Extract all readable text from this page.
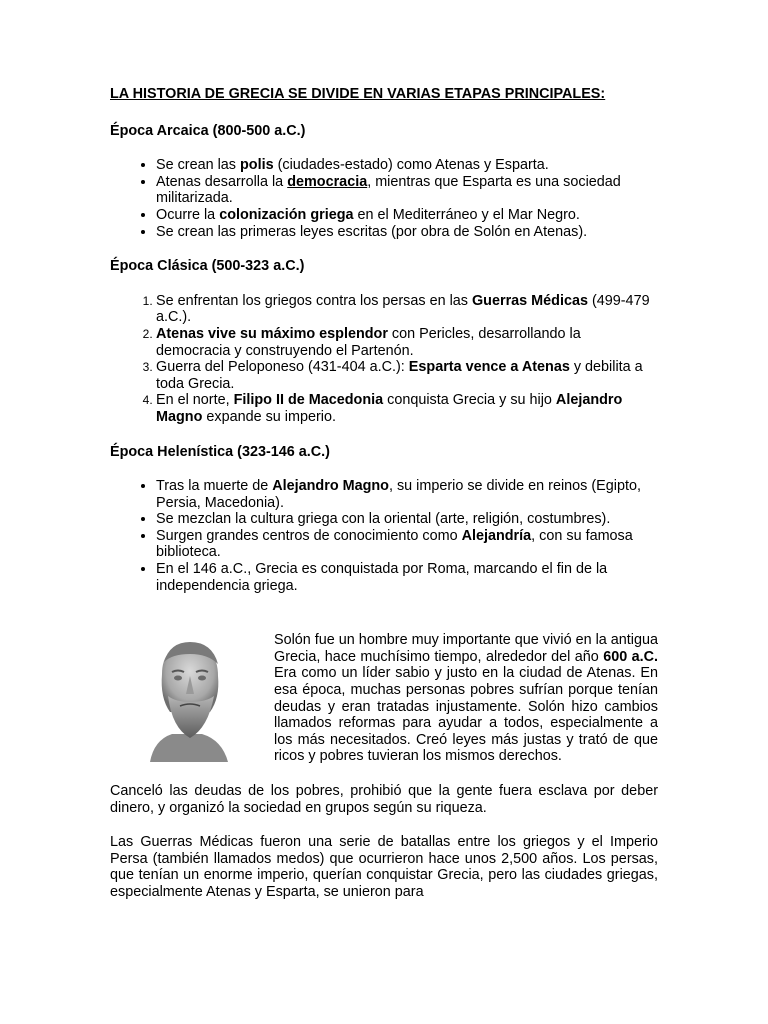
LA HISTORIA DE GRECIA SE DIVIDE EN VARIAS ETAPAS PRINCIPALES:

Época Arcaica (800-500 a.C.)

• Se crean las polis (ciudades-estado) como Atenas y Esparta.
• Atenas desarrolla la democracia, mientras que Esparta es una sociedad militarizada.
• Ocurre la colonización griega en el Mediterráneo y el Mar Negro.
• Se crean las primeras leyes escritas (por obra de Solón en Atenas).

Época Clásica (500-323 a.C.)

1. Se enfrentan los griegos contra los persas en las Guerras Médicas (499-479 a.C.).
2. Atenas vive su máximo esplendor con Pericles, desarrollando la democracia y construyendo el Partenón.
3. Guerra del Peloponeso (431-404 a.C.): Esparta vence a Atenas y debilita a toda Grecia.
4. En el norte, Filipo II de Macedonia conquista Grecia y su hijo Alejandro Magno expande su imperio.

Época Helenística (323-146 a.C.)

• Tras la muerte de Alejandro Magno, su imperio se divide en reinos (Egipto, Persia, Macedonia).
• Se mezclan la cultura griega con la oriental (arte, religión, costumbres).
• Surgen grandes centros de conocimiento como Alejandría, con su famosa biblioteca.
• En el 146 a.C., Grecia es conquistada por Roma, marcando el fin de la independencia griega.

Solón fue un hombre muy importante que vivió en la antigua Grecia, hace muchísimo tiempo, alrededor del año 600 a.C. Era como un líder sabio y justo en la ciudad de Atenas. En esa época, muchas personas pobres sufrían porque tenían deudas y eran tratadas injustamente. Solón hizo cambios llamados reformas para ayudar a todos, especialmente a los más necesitados. Creó leyes más justas y trató de que ricos y pobres tuvieran los mismos derechos.

Canceló las deudas de los pobres, prohibió que la gente fuera esclava por deber dinero, y organizó la sociedad en grupos según su riqueza.

Las Guerras Médicas fueron una serie de batallas entre los griegos y el Imperio Persa (también llamados medos) que ocurrieron hace unos 2,500 años. Los persas, que tenían un enorme imperio, querían conquistar Grecia, pero las ciudades griegas, especialmente Atenas y Esparta, se unieron para
